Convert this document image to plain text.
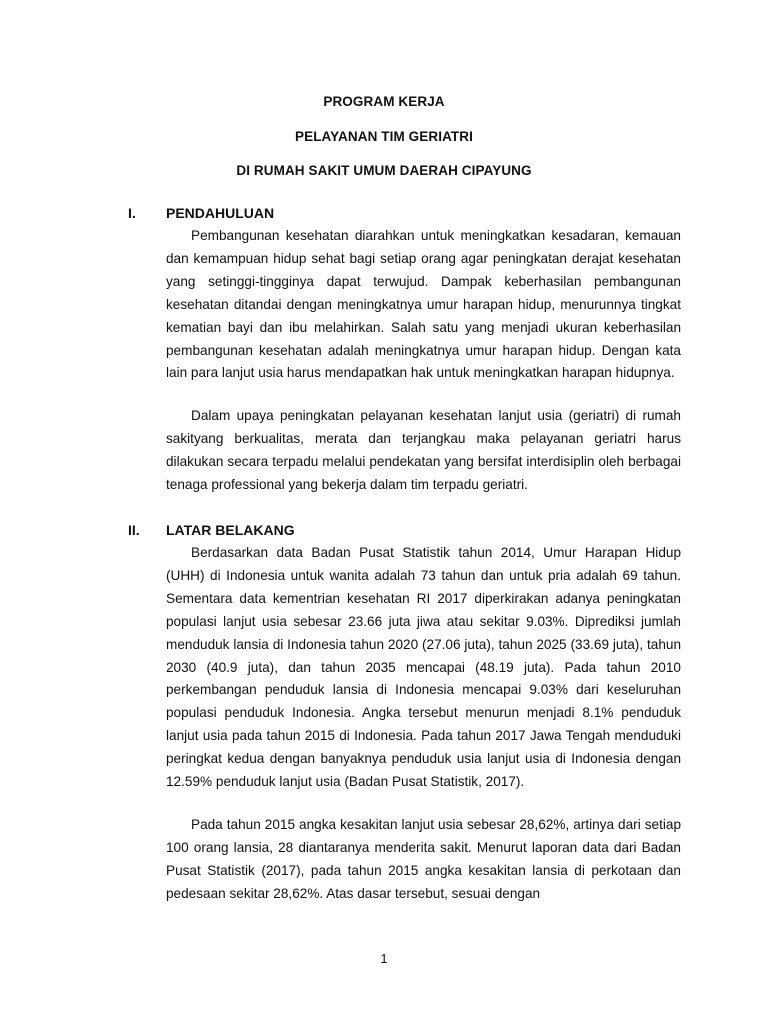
PROGRAM KERJA
PELAYANAN TIM GERIATRI
DI RUMAH SAKIT UMUM DAERAH CIPAYUNG
I. PENDAHULUAN

Pembangunan kesehatan diarahkan untuk meningkatkan kesadaran, kemauan dan kemampuan hidup sehat bagi setiap orang agar peningkatan derajat kesehatan yang setinggi-tingginya dapat terwujud. Dampak keberhasilan pembangunan kesehatan ditandai dengan meningkatnya umur harapan hidup, menurunnya tingkat kematian bayi dan ibu melahirkan. Salah satu yang menjadi ukuran keberhasilan pembangunan kesehatan adalah meningkatnya umur harapan hidup. Dengan kata lain para lanjut usia harus mendapatkan hak untuk meningkatkan harapan hidupnya.

Dalam upaya peningkatan pelayanan kesehatan lanjut usia (geriatri) di rumah sakityang berkualitas, merata dan terjangkau maka pelayanan geriatri harus dilakukan secara terpadu melalui pendekatan yang bersifat interdisiplin oleh berbagai tenaga professional yang bekerja dalam tim terpadu geriatri.

II. LATAR BELAKANG

Berdasarkan data Badan Pusat Statistik tahun 2014, Umur Harapan Hidup (UHH) di Indonesia untuk wanita adalah 73 tahun dan untuk pria adalah 69 tahun. Sementara data kementrian kesehatan RI 2017 diperkirakan adanya peningkatan populasi lanjut usia sebesar 23.66 juta jiwa atau sekitar 9.03%. Diprediksi jumlah menduduk lansia di Indonesia tahun 2020 (27.06 juta), tahun 2025 (33.69 juta), tahun 2030 (40.9 juta), dan tahun 2035 mencapai (48.19 juta). Pada tahun 2010 perkembangan penduduk lansia di Indonesia mencapai 9.03% dari keseluruhan populasi penduduk Indonesia. Angka tersebut menurun menjadi 8.1% penduduk lanjut usia pada tahun 2015 di Indonesia. Pada tahun 2017 Jawa Tengah menduduki peringkat kedua dengan banyaknya penduduk usia lanjut usia di Indonesia dengan 12.59% penduduk lanjut usia (Badan Pusat Statistik, 2017).

Pada tahun 2015 angka kesakitan lanjut usia sebesar 28,62%, artinya dari setiap 100 orang lansia, 28 diantaranya menderita sakit. Menurut laporan data dari Badan Pusat Statistik (2017), pada tahun 2015 angka kesakitan lansia di perkotaan dan pedesaan sekitar 28,62%. Atas dasar tersebut, sesuai dengan

1
